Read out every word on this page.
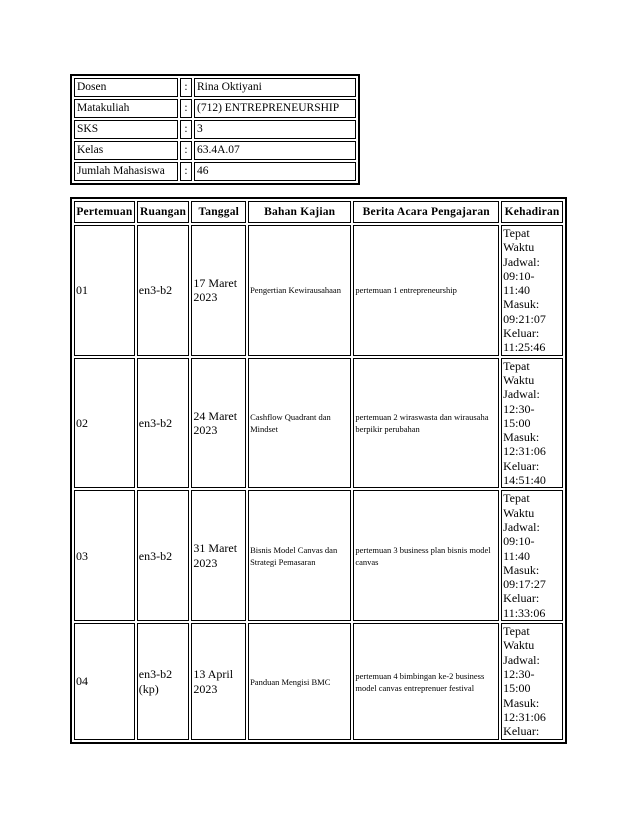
Dosen	:	Rina Oktiyani
Matakuliah	:	(712) ENTREPRENEURSHIP
SKS	:	3
Kelas	:	63.4A.07
Jumlah Mahasiswa	:	46
Pertemuan	Ruangan	Tanggal	Bahan Kajian	Berita Acara Pengajaran	Kehadiran
01	en3-b2	17 Maret 2023	Pengertian Kewirausahaan	pertemuan 1 entrepreneurship	Tepat Waktu Jadwal: 09:10-11:40 Masuk: 09:21:07 Keluar: 11:25:46

02	en3-b2	24 Maret 2023	Cashflow Quadrant dan Mindset	pertemuan 2 wiraswasta dan wirausaha berpikir perubahan	Tepat Waktu Jadwal: 12:30-15:00 Masuk: 12:31:06 Keluar: 14:51:40

03	en3-b2	31 Maret 2023	Bisnis Model Canvas dan Strategi Pemasaran	pertemuan 3 business plan bisnis model canvas	Tepat Waktu Jadwal: 09:10-11:40 Masuk: 09:17:27 Keluar: 11:33:06

04	en3-b2 (kp)	13 April 2023	Panduan Mengisi BMC	pertemuan 4 bimbingan ke-2 business model canvas entreprenuer festival	Tepat Waktu Jadwal: 12:30-15:00 Masuk: 12:31:06 Keluar:
